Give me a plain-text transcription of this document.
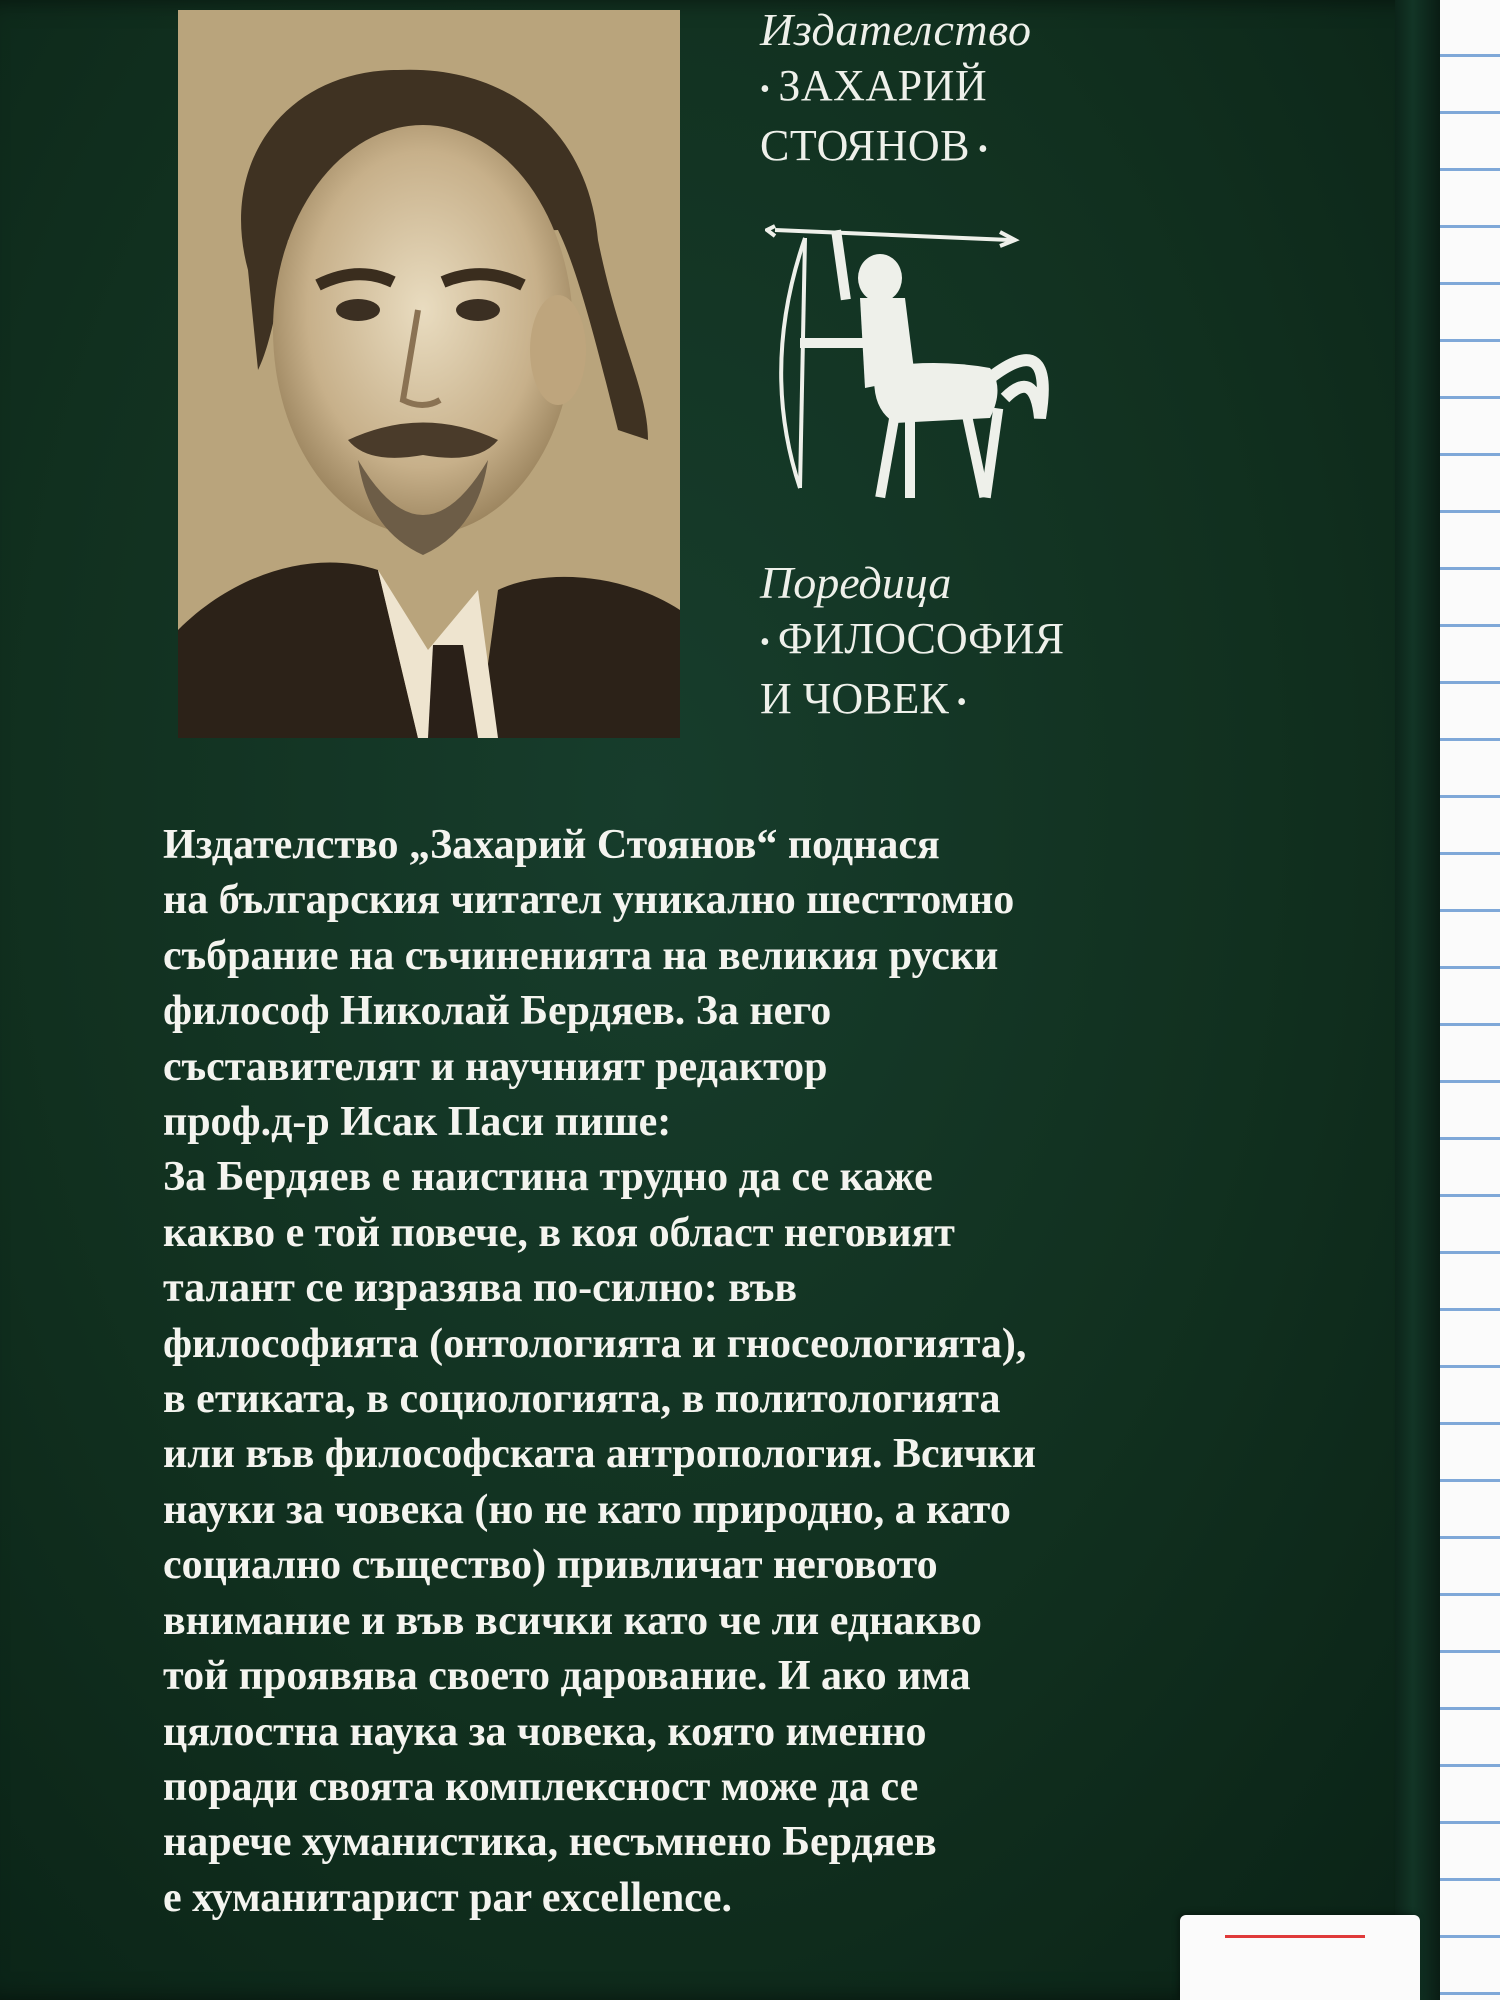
Издателство
• ЗАХАРИЙ
СТОЯНОВ •
Поредица
• ФИЛОСОФИЯ
И ЧОВЕК •
Издателство „Захарий Стоянов“ поднася
на българския читател уникално шесттомно
събрание на съчиненията на великия руски
философ Николай Бердяев. За него
съставителят и научният редактор
проф.д-р Исак Паси пише:
За Бердяев е наистина трудно да се каже
какво е той повече, в коя област неговият
талант се изразява по-силно: във
философията (онтологията и гносеологията),
в етиката, в социологията, в политологията
или във философската антропология. Всички
науки за човека (но не като природно, а като
социално същество) привличат неговото
внимание и във всички като че ли еднакво
той проявява своето дарование. И ако има
цялостна наука за човека, която именно
поради своята комплексност може да се
нарече хуманистика, несъмнено Бердяев
е хуманитарист par excellence.
